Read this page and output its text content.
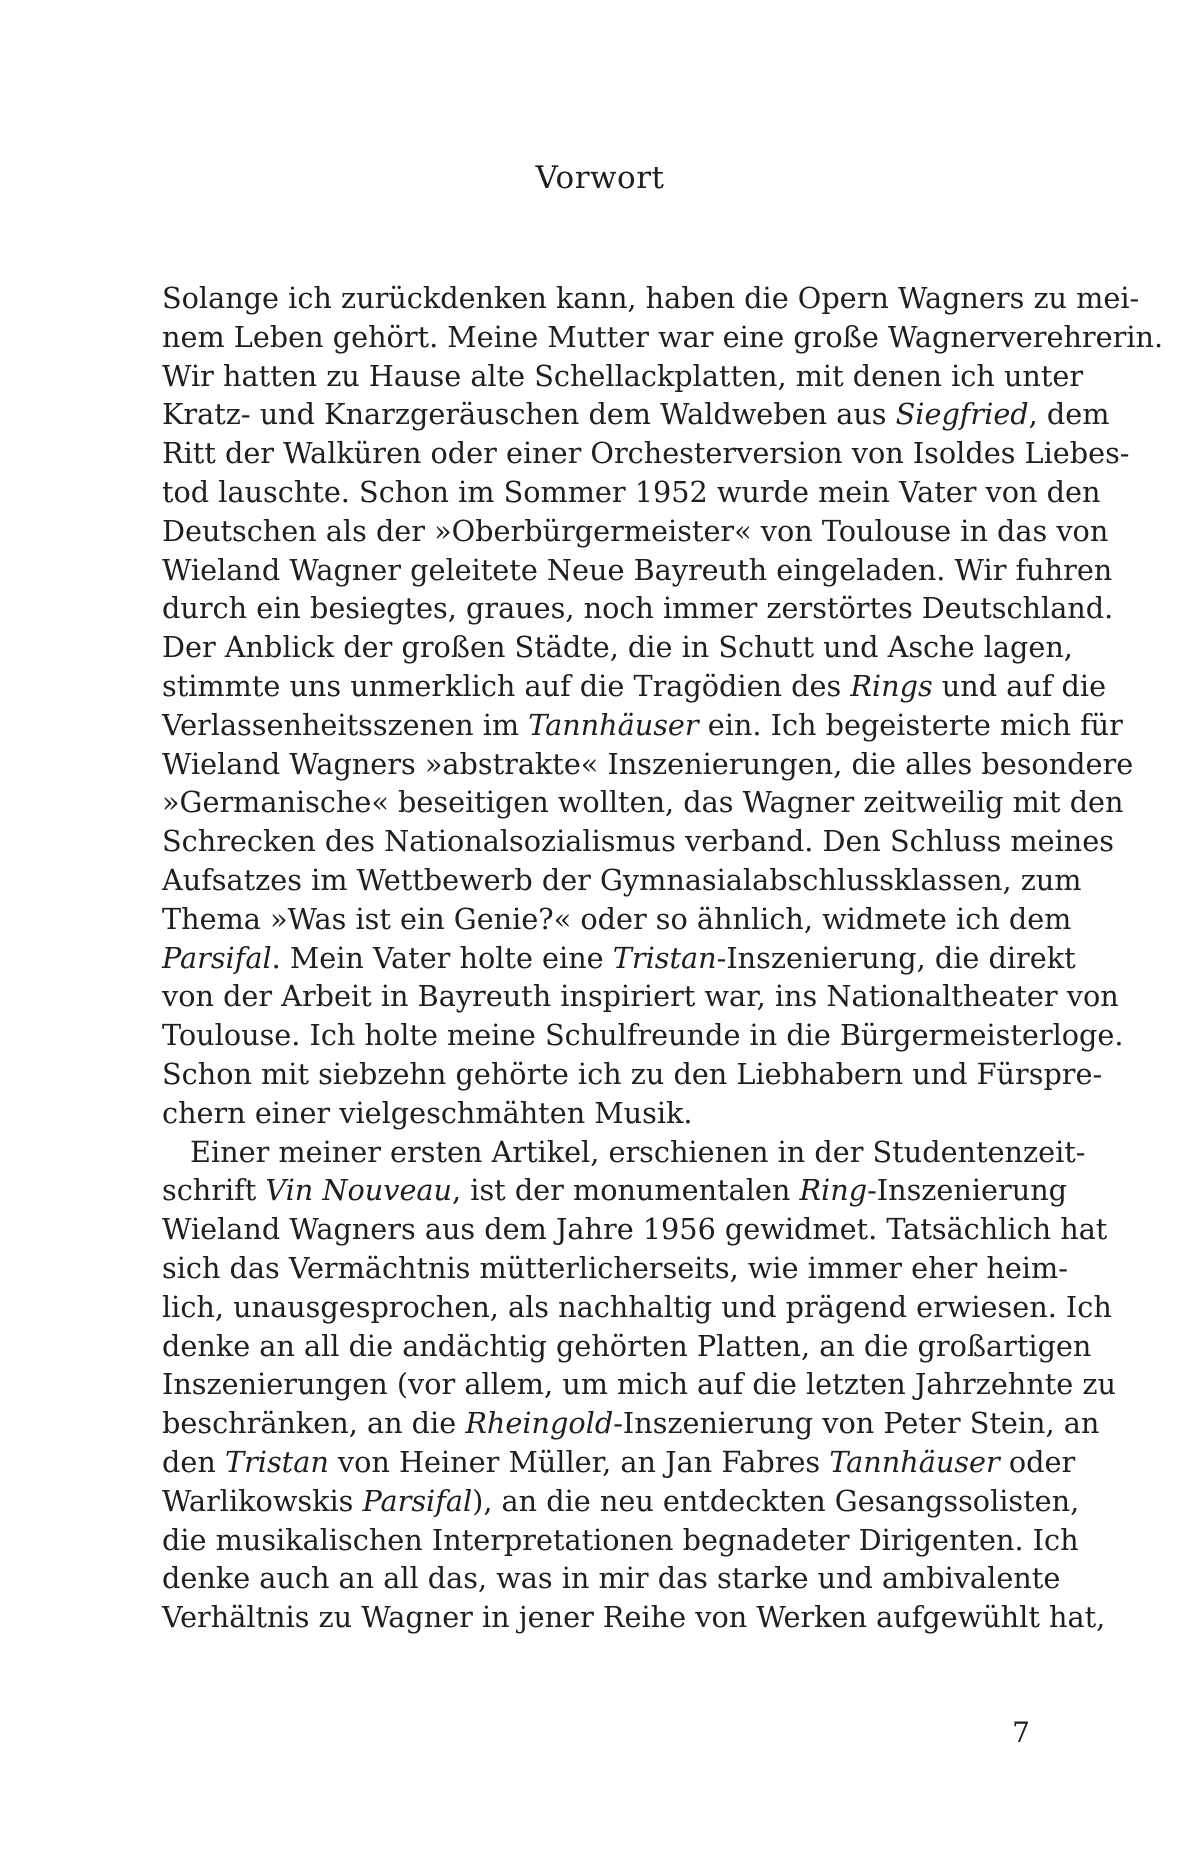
Vorwort
Solange ich zurückdenken kann, haben die Opern Wagners zu mei-
nem Leben gehört. Meine Mutter war eine große Wagnerverehrerin.
Wir hatten zu Hause alte Schellackplatten, mit denen ich unter
Kratz- und Knarzgeräuschen dem Waldweben aus Siegfried, dem
Ritt der Walküren oder einer Orchesterversion von Isoldes Liebes-
tod lauschte. Schon im Sommer 1952 wurde mein Vater von den
Deutschen als der »Oberbürgermeister« von Toulouse in das von
Wieland Wagner geleitete Neue Bayreuth eingeladen. Wir fuhren
durch ein besiegtes, graues, noch immer zerstörtes Deutschland.
Der Anblick der großen Städte, die in Schutt und Asche lagen,
stimmte uns unmerklich auf die Tragödien des Rings und auf die
Verlassenheitsszenen im Tannhäuser ein. Ich begeisterte mich für
Wieland Wagners »abstrakte« Inszenierungen, die alles besondere
»Germanische« beseitigen wollten, das Wagner zeitweilig mit den
Schrecken des Nationalsozialismus verband. Den Schluss meines
Aufsatzes im Wettbewerb der Gymnasialabschlussklassen, zum
Thema »Was ist ein Genie?« oder so ähnlich, widmete ich dem
Parsifal. Mein Vater holte eine Tristan-Inszenierung, die direkt
von der Arbeit in Bayreuth inspiriert war, ins Nationaltheater von
Toulouse. Ich holte meine Schulfreunde in die Bürgermeisterloge.
Schon mit siebzehn gehörte ich zu den Liebhabern und Fürspre-
chern einer vielgeschmähten Musik.
Einer meiner ersten Artikel, erschienen in der Studentenzeit-
schrift Vin Nouveau, ist der monumentalen Ring-Inszenierung
Wieland Wagners aus dem Jahre 1956 gewidmet. Tatsächlich hat
sich das Vermächtnis mütterlicherseits, wie immer eher heim-
lich, unausgesprochen, als nachhaltig und prägend erwiesen. Ich
denke an all die andächtig gehörten Platten, an die großartigen
Inszenierungen (vor allem, um mich auf die letzten Jahrzehnte zu
beschränken, an die Rheingold-Inszenierung von Peter Stein, an
den Tristan von Heiner Müller, an Jan Fabres Tannhäuser oder
Warlikowskis Parsifal), an die neu entdeckten Gesangssolisten,
die musikalischen Interpretationen begnadeter Dirigenten. Ich
denke auch an all das, was in mir das starke und ambivalente
Verhältnis zu Wagner in jener Reihe von Werken aufgewühlt hat,
7
